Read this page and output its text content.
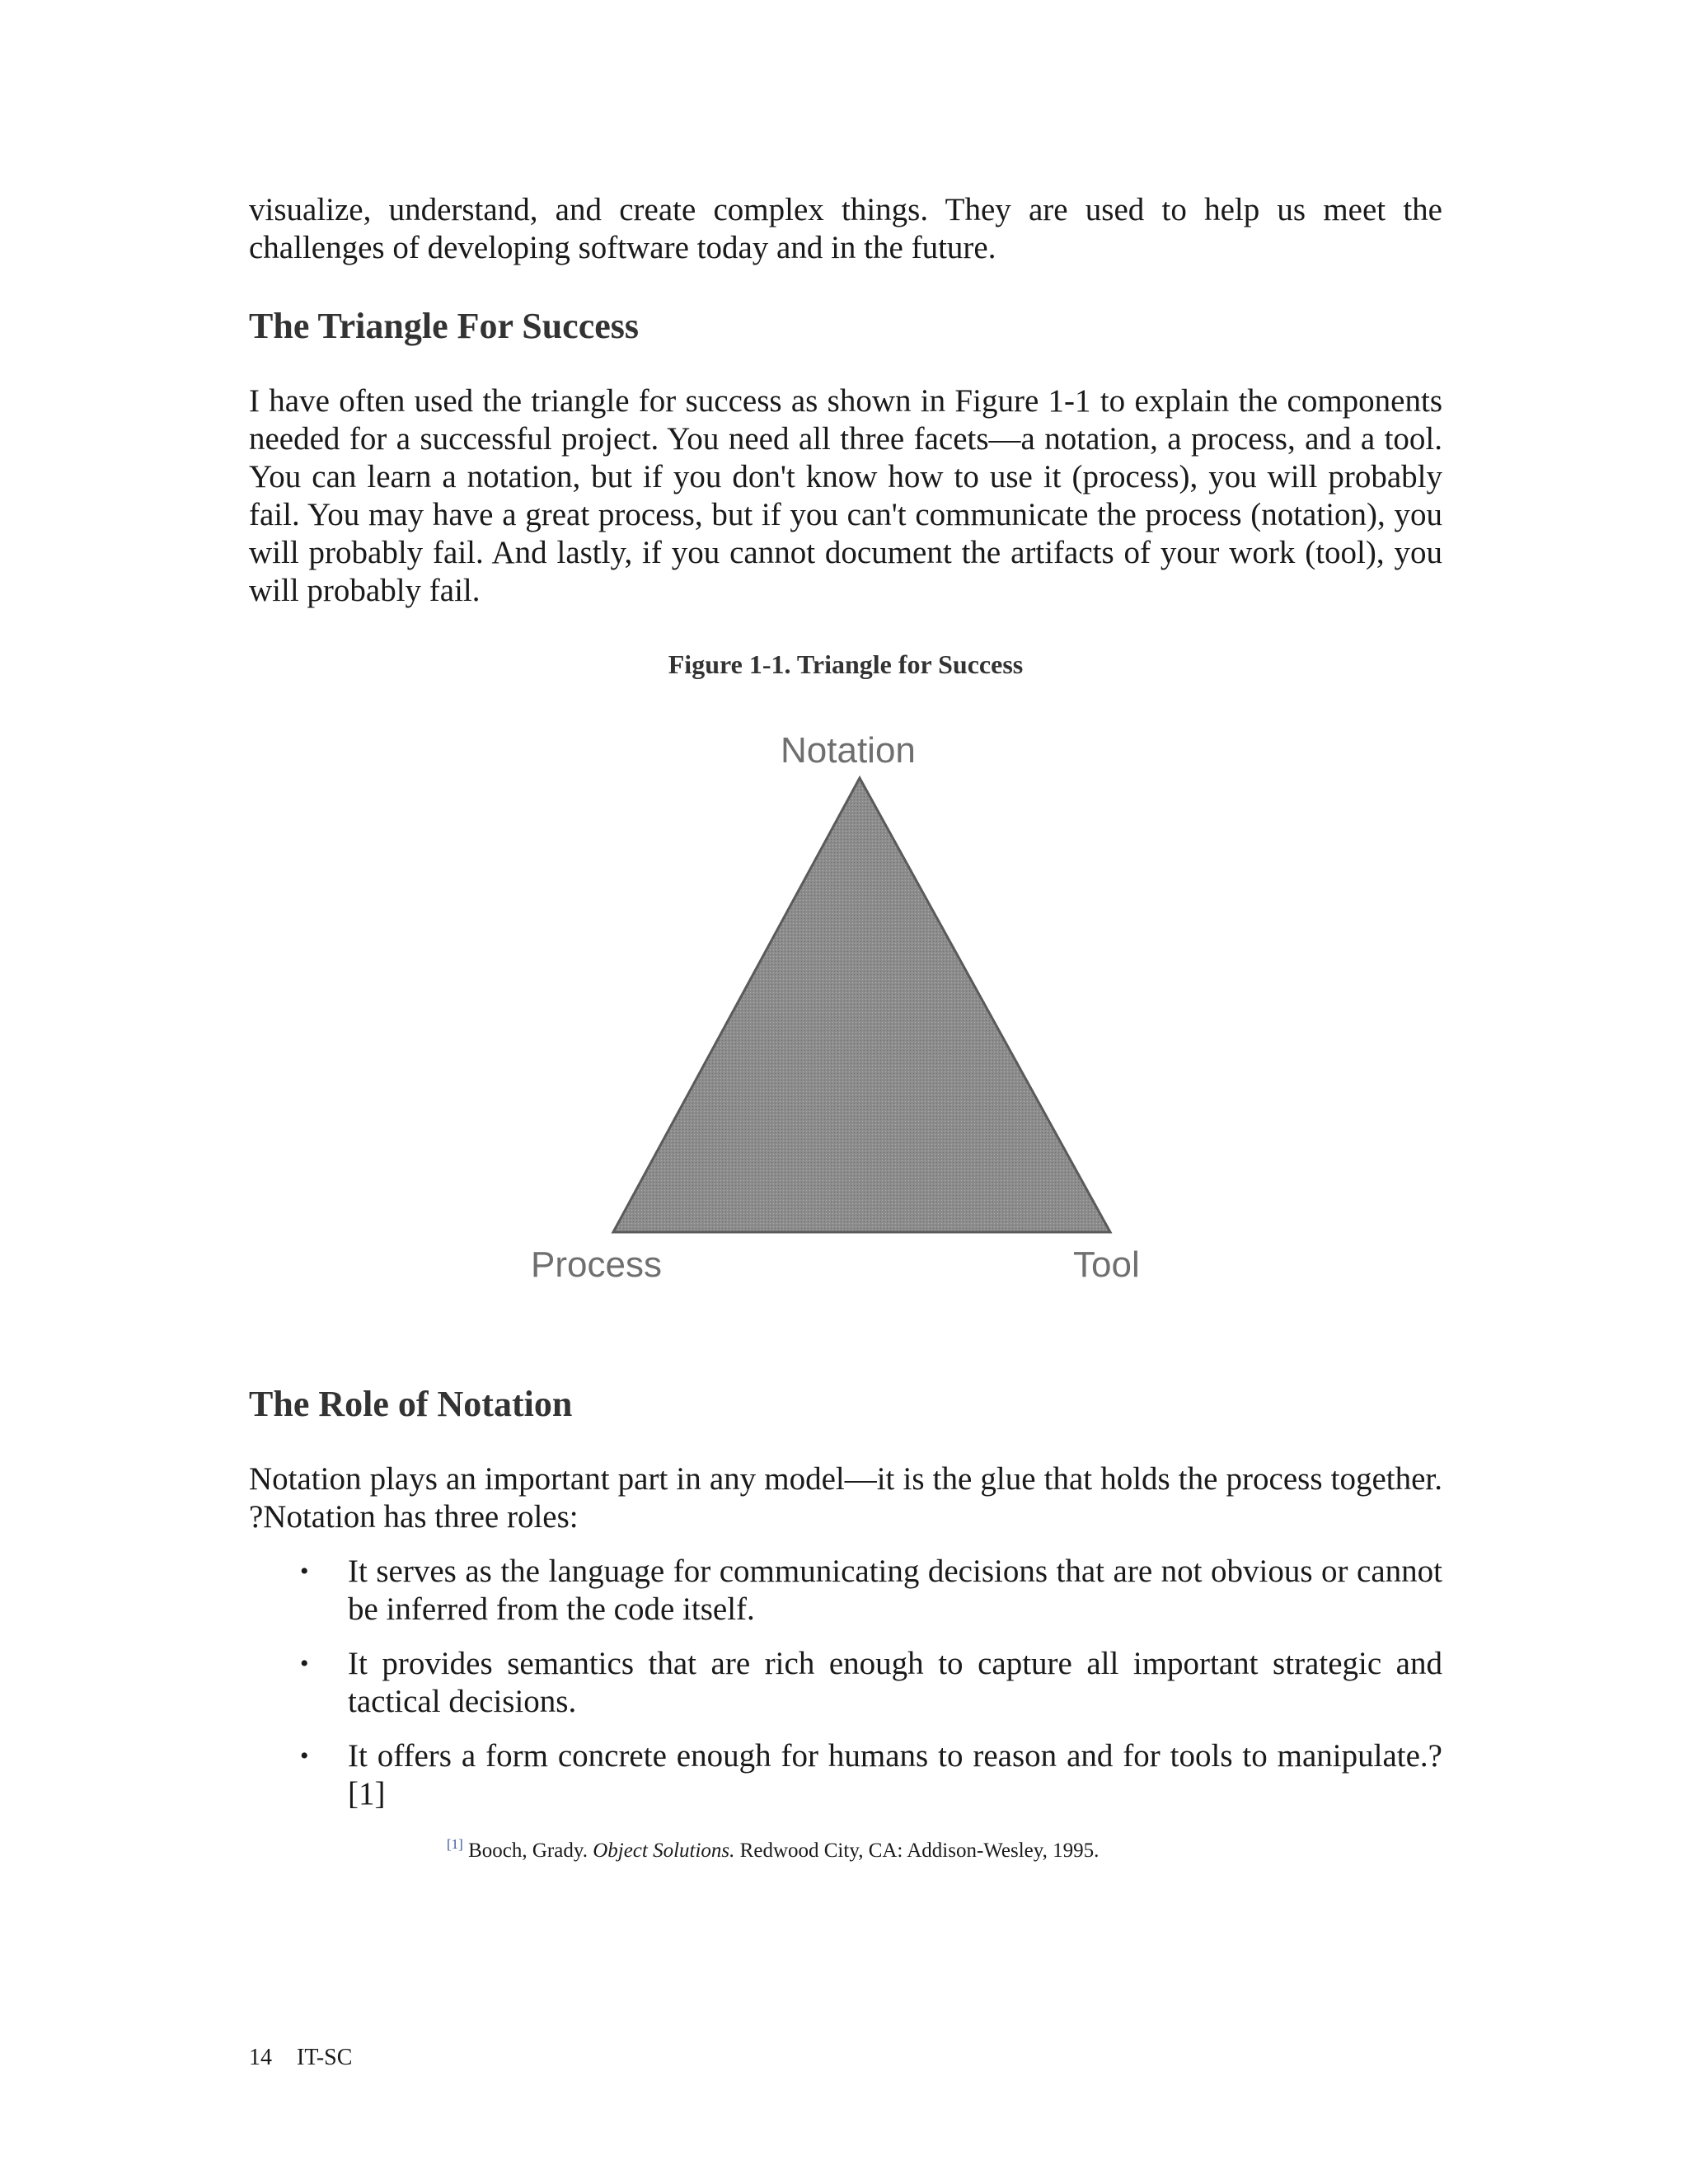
visualize, understand, and create complex things. They are used to help us meet the challenges of developing software today and in the future.

The Triangle For Success

I have often used the triangle for success as shown in Figure 1-1 to explain the components needed for a successful project. You need all three facets—a notation, a process, and a tool. You can learn a notation, but if you don't know how to use it (process), you will probably fail. You may have a great process, but if you can't communicate the process (notation), you will probably fail. And lastly, if you cannot document the artifacts of your work (tool), you will probably fail.

Figure 1-1. Triangle for Success

Notation
Process	Tool
The Role of Notation

Notation plays an important part in any model—it is the glue that holds the process together. ?Notation has three roles:

• It serves as the language for communicating decisions that are not obvious or cannot be inferred from the code itself.
• It provides semantics that are rich enough to capture all important strategic and tactical decisions.
• It offers a form concrete enough for humans to reason and for tools to manipulate.?[1]

[1] Booch, Grady. Object Solutions. Redwood City, CA: Addison-Wesley, 1995.

14 IT-SC
